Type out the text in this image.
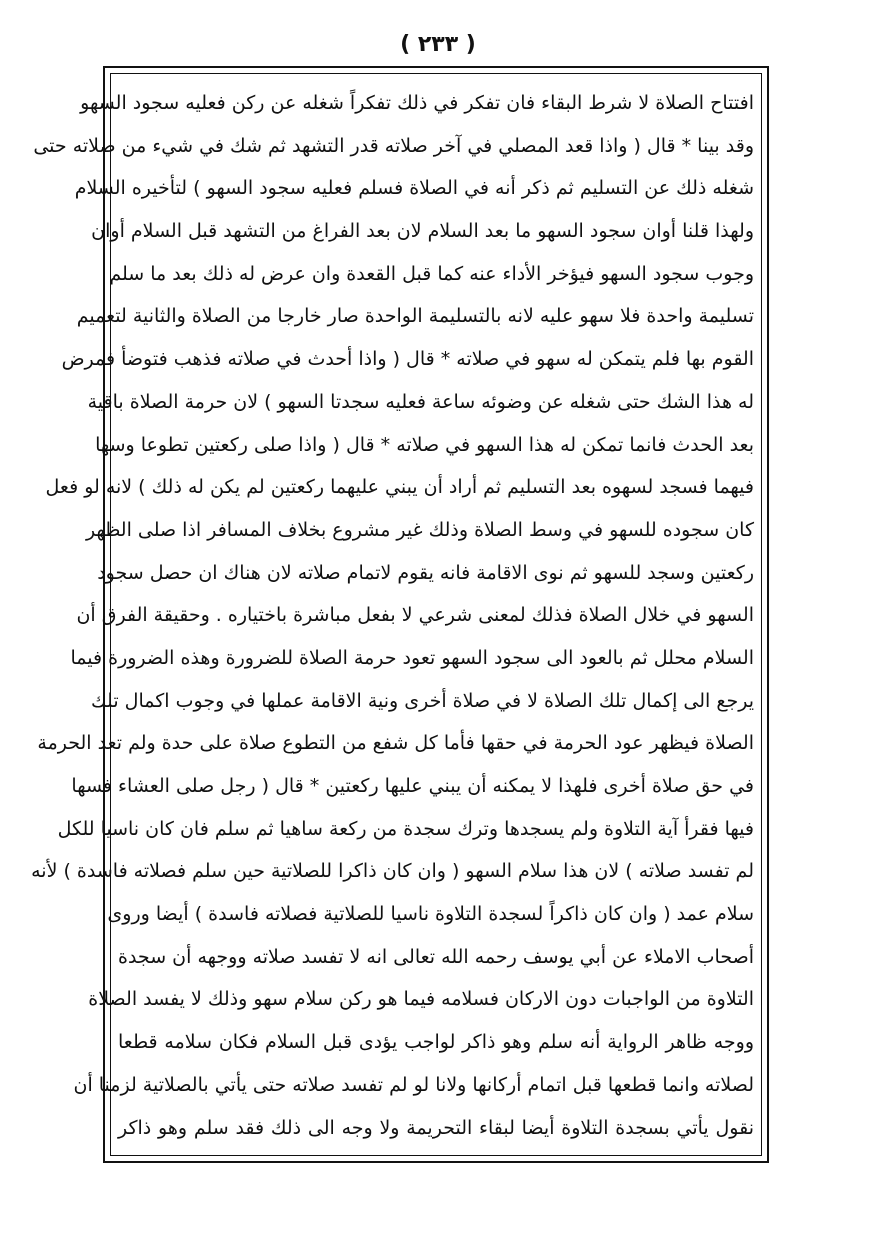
( ٢٣٣ )
افتتاح الصلاة لا شرط البقاء فان تفكر في ذلك تفكراً شغله عن ركن فعليه سجود السهو
وقد بينا * قال ( واذا قعد المصلي في آخر صلاته قدر التشهد ثم شك في شيء من صلاته حتى
شغله ذلك عن التسليم ثم ذكر أنه في الصلاة فسلم فعليه سجود السهو ) لتأخيره السلام
ولهذا قلنا أوان سجود السهو ما بعد السلام لان بعد الفراغ من التشهد قبل السلام أوان
وجوب سجود السهو فيؤخر الأداء عنه كما قبل القعدة وان عرض له ذلك بعد ما سلم
تسليمة واحدة فلا سهو عليه لانه بالتسليمة الواحدة صار خارجا من الصلاة والثانية لتعميم
القوم بها فلم يتمكن له سهو في صلاته * قال ( واذا أحدث في صلاته فذهب فتوضأ فمرض
له هذا الشك حتى شغله عن وضوئه ساعة فعليه سجدتا السهو ) لان حرمة الصلاة باقية
بعد الحدث فانما تمكن له هذا السهو في صلاته * قال ( واذا صلى ركعتين تطوعا وسها
فيهما فسجد لسهوه بعد التسليم ثم أراد أن يبني عليهما ركعتين لم يكن له ذلك ) لانه لو فعل
كان سجوده للسهو في وسط الصلاة وذلك غير مشروع بخلاف المسافر اذا صلى الظهر
ركعتين وسجد للسهو ثم نوى الاقامة فانه يقوم لاتمام صلاته لان هناك ان حصل سجود
السهو في خلال الصلاة فذلك لمعنى شرعي لا بفعل مباشرة باختياره . وحقيقة الفرق أن
السلام محلل ثم بالعود الى سجود السهو تعود حرمة الصلاة للضرورة وهذه الضرورة فيما
يرجع الى إكمال تلك الصلاة لا في صلاة أخرى ونية الاقامة عملها في وجوب اكمال تلك
الصلاة فيظهر عود الحرمة في حقها فأما كل شفع من التطوع صلاة على حدة ولم تعد الحرمة
في حق صلاة أخرى فلهذا لا يمكنه أن يبني عليها ركعتين * قال ( رجل صلى العشاء فسها
فيها فقرأ آية التلاوة ولم يسجدها وترك سجدة من ركعة ساهيا ثم سلم فان كان ناسيا للكل
لم تفسد صلاته ) لان هذا سلام السهو ( وان كان ذاكرا للصلاتية حين سلم فصلاته فاسدة ) لأنه
سلام عمد ( وان كان ذاكراً لسجدة التلاوة ناسيا للصلاتية فصلاته فاسدة ) أيضا وروى
أصحاب الاملاء عن أبي يوسف رحمه الله تعالى انه لا تفسد صلاته ووجهه أن سجدة
التلاوة من الواجبات دون الاركان فسلامه فيما هو ركن سلام سهو وذلك لا يفسد الصلاة
ووجه ظاهر الرواية أنه سلم وهو ذاكر لواجب يؤدى قبل السلام فكان سلامه قطعا
لصلاته وانما قطعها قبل اتمام أركانها ولانا لو لم تفسد صلاته حتى يأتي بالصلاتية لزمنا أن
نقول يأتي بسجدة التلاوة أيضا لبقاء التحريمة ولا وجه الى ذلك فقد سلم وهو ذاكر
